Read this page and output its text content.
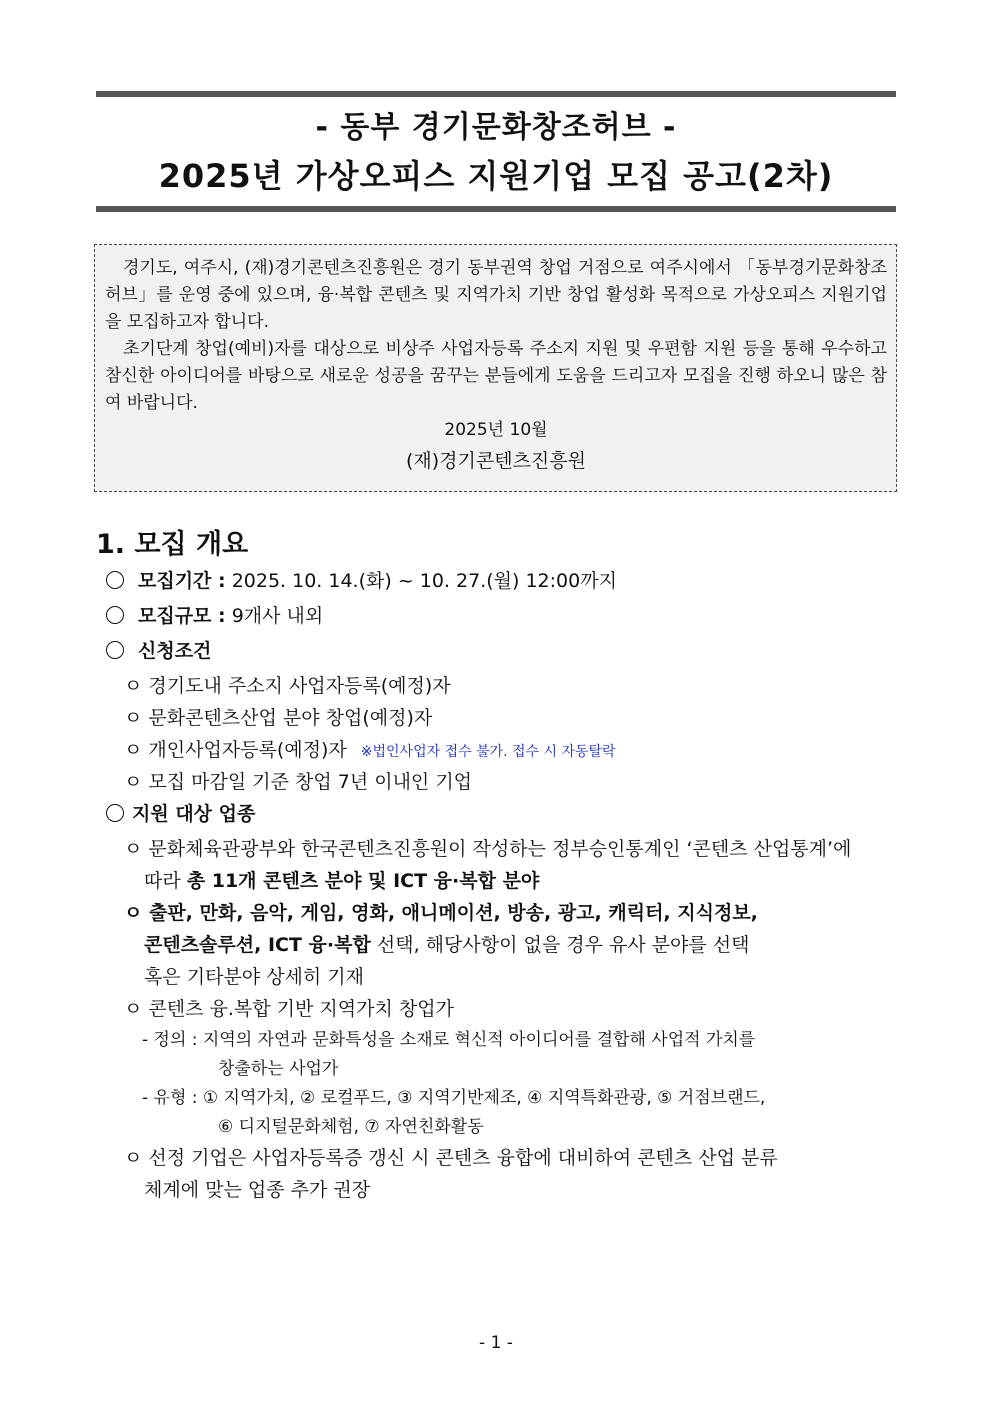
- 동부 경기문화창조허브 -
2025년 가상오피스 지원기업 모집 공고(2차)

경기도, 여주시, (재)경기콘텐츠진흥원은 경기 동부권역 창업 거점으로 여주시에서 「동부경기문화창조허브」를 운영 중에 있으며, 융·복합 콘텐츠 및 지역가치 기반 창업 활성화 목적으로 가상오피스 지원기업을 모집하고자 합니다.

초기단계 창업(예비)자를 대상으로 비상주 사업자등록 주소지 지원 및 우편함 지원 등을 통해 우수하고 참신한 아이디어를 바탕으로 새로운 성공을 꿈꾸는 분들에게 도움을 드리고자 모집을 진행 하오니 많은 참여 바랍니다.

2025년 10월

(재)경기콘텐츠진흥원

1. 모집 개요
모집기간 : 2025. 10. 14.(화) ~ 10. 27.(월) 12:00까지
모집규모 : 9개사 내외
신청조건
ㅇ 경기도내 주소지 사업자등록(예정)자
ㅇ 문화콘텐츠산업 분야 창업(예정)자
ㅇ 개인사업자등록(예정)자 ※법인사업자 접수 불가. 접수 시 자동탈락
ㅇ 모집 마감일 기준 창업 7년 이내인 기업
지원 대상 업종
ㅇ 문화체육관광부와 한국콘텐츠진흥원이 작성하는 정부승인통계인 ‘콘텐츠 산업통계’에
따라 총 11개 콘텐츠 분야 및 ICT 융·복합 분야
ㅇ 출판, 만화, 음악, 게임, 영화, 애니메이션, 방송, 광고, 캐릭터, 지식정보,
콘텐츠솔루션, ICT 융·복합 선택, 해당사항이 없을 경우 유사 분야를 선택
혹은 기타분야 상세히 기재
ㅇ 콘텐츠 융.복합 기반 지역가치 창업가
- 정의 : 지역의 자연과 문화특성을 소재로 혁신적 아이디어를 결합해 사업적 가치를
창출하는 사업가
- 유형 : ① 지역가치, ② 로컬푸드, ③ 지역기반제조, ④ 지역특화관광, ⑤ 거점브랜드,
⑥ 디지털문화체험, ⑦ 자연친화활동
ㅇ 선정 기업은 사업자등록증 갱신 시 콘텐츠 융합에 대비하여 콘텐츠 산업 분류
체계에 맞는 업종 추가 권장
- 1 -
